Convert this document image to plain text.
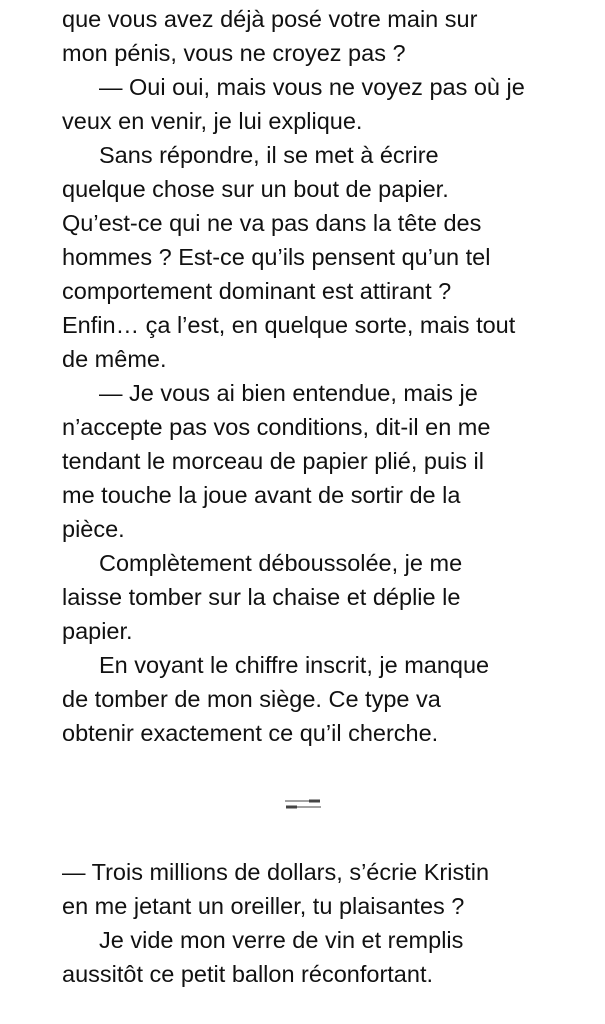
que vous avez déjà posé votre main sur
mon pénis, vous ne croyez pas ?

— Oui oui, mais vous ne voyez pas où je
veux en venir, je lui explique.

Sans répondre, il se met à écrire
quelque chose sur un bout de papier.
Qu’est-ce qui ne va pas dans la tête des
hommes ? Est-ce qu’ils pensent qu’un tel
comportement dominant est attirant ?
Enfin… ça l’est, en quelque sorte, mais tout
de même.

— Je vous ai bien entendue, mais je
n’accepte pas vos conditions, dit-il en me
tendant le morceau de papier plié, puis il
me touche la joue avant de sortir de la
pièce.

Complètement déboussolée, je me
laisse tomber sur la chaise et déplie le
papier.

En voyant le chiffre inscrit, je manque
de tomber de mon siège. Ce type va
obtenir exactement ce qu’il cherche.

— Trois millions de dollars, s’écrie Kristin
en me jetant un oreiller, tu plaisantes ?

Je vide mon verre de vin et remplis
aussitôt ce petit ballon réconfortant.
